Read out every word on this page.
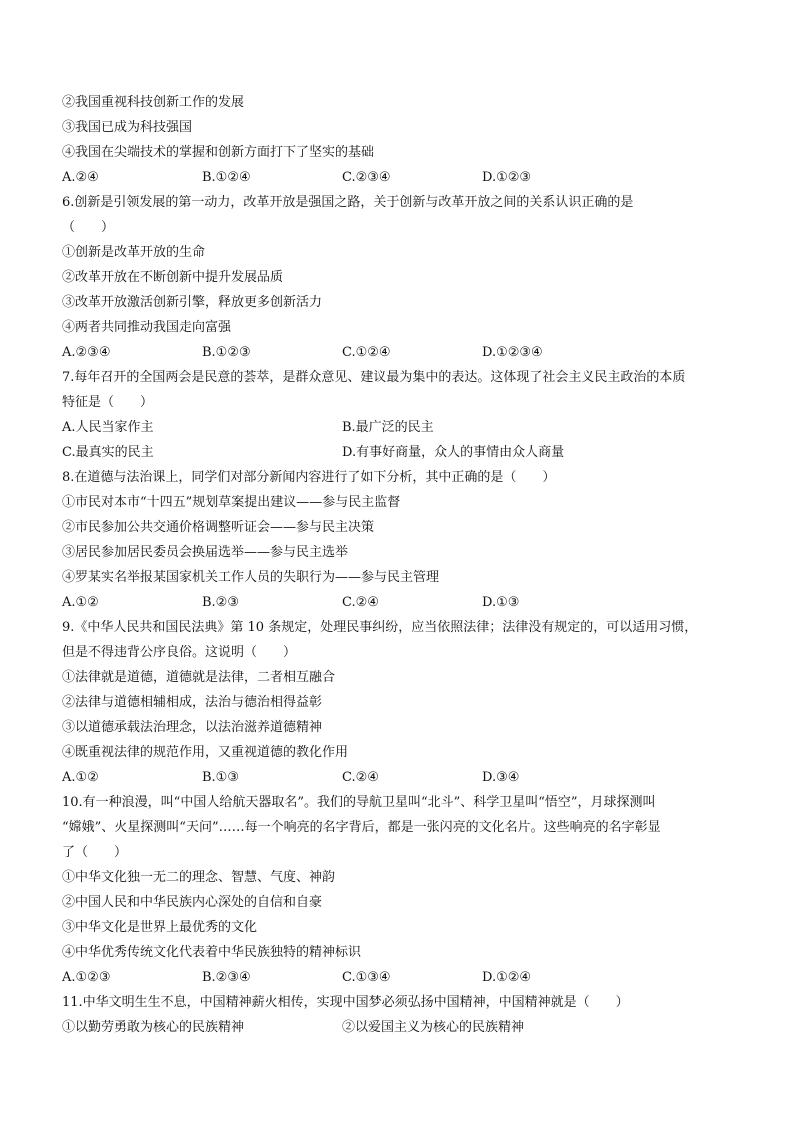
②我国重视科技创新工作的发展
③我国已成为科技强国
④我国在尖端技术的掌握和创新方面打下了坚实的基础
A.②④	B.①②④	C.②③④	D.①②③
6.创新是引领发展的第一动力，改革开放是强国之路，关于创新与改革开放之间的关系认识正确的是
（　　）
①创新是改革开放的生命
②改革开放在不断创新中提升发展品质
③改革开放激活创新引擎，释放更多创新活力
④两者共同推动我国走向富强
A.②③④	B.①②③	C.①②④	D.①②③④
7.每年召开的全国两会是民意的荟萃，是群众意见、建议最为集中的表达。这体现了社会主义民主政治的本质
特征是（　　）
A.人民当家作主	B.最广泛的民主
C.最真实的民主	D.有事好商量，众人的事情由众人商量
8.在道德与法治课上，同学们对部分新闻内容进行了如下分析，其中正确的是（　　）
①市民对本市“十四五”规划草案提出建议——参与民主监督
②市民参加公共交通价格调整听证会——参与民主决策
③居民参加居民委员会换届选举——参与民主选举
④罗某实名举报某国家机关工作人员的失职行为——参与民主管理
A.①②	B.②③	C.②④	D.①③
9.《中华人民共和国民法典》第 10 条规定，处理民事纠纷，应当依照法律；法律没有规定的，可以适用习惯，
但是不得违背公序良俗。这说明（　　）
①法律就是道德，道德就是法律，二者相互融合
②法律与道德相辅相成，法治与德治相得益彰
③以道德承载法治理念，以法治滋养道德精神
④既重视法律的规范作用，又重视道德的教化作用
A.①②	B.①③	C.②④	D.③④
10.有一种浪漫，叫“中国人给航天器取名”。我们的导航卫星叫“北斗”、科学卫星叫“悟空”，月球探测叫
“嫦娥”、火星探测叫“天问”……每一个响亮的名字背后，都是一张闪亮的文化名片。这些响亮的名字彰显
了（　　）
①中华文化独一无二的理念、智慧、气度、神韵
②中国人民和中华民族内心深处的自信和自豪
③中华文化是世界上最优秀的文化
④中华优秀传统文化代表着中华民族独特的精神标识
A.①②③	B.②③④	C.①③④	D.①②④
11.中华文明生生不息，中国精神薪火相传，实现中国梦必须弘扬中国精神，中国精神就是（　　）
①以勤劳勇敢为核心的民族精神	②以爱国主义为核心的民族精神
